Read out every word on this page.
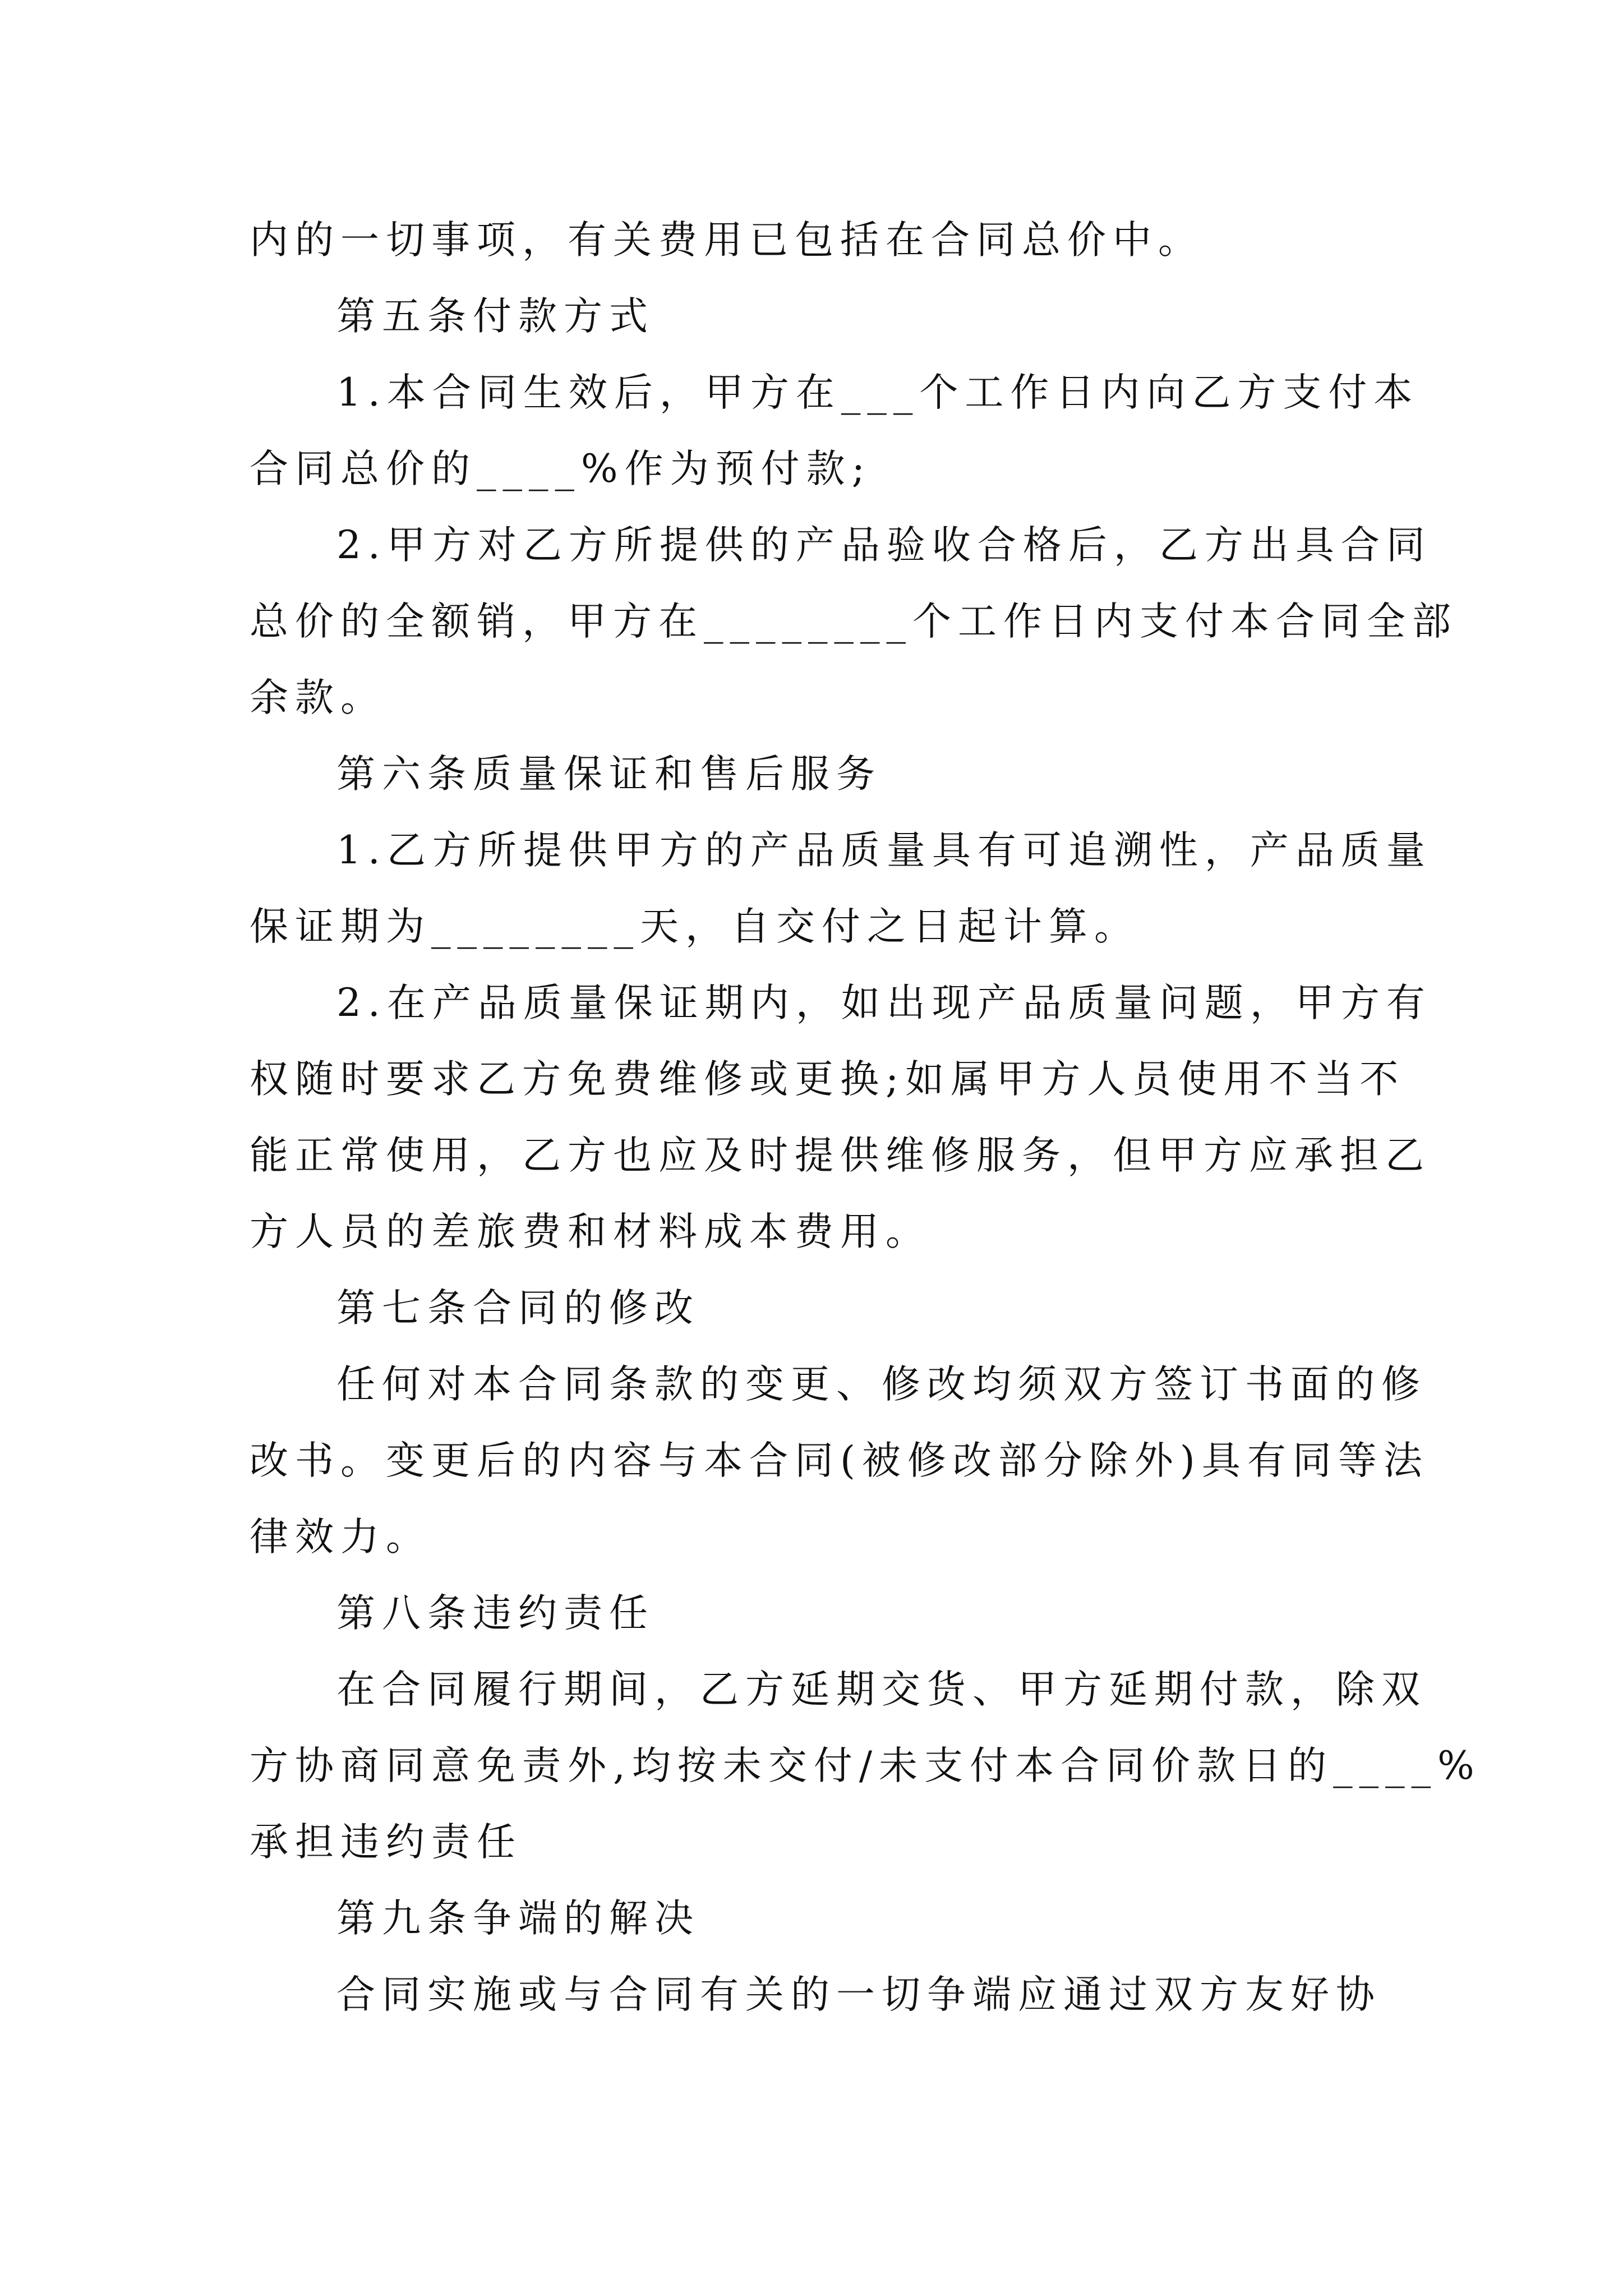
内的一切事项，有关费用已包括在合同总价中。
第五条付款方式
1.本合同生效后，甲方在___个工作日内向乙方支付本
合同总价的____%作为预付款;
2.甲方对乙方所提供的产品验收合格后，乙方出具合同
总价的全额销，甲方在________个工作日内支付本合同全部
余款。
第六条质量保证和售后服务
1.乙方所提供甲方的产品质量具有可追溯性，产品质量
保证期为________天，自交付之日起计算。
2.在产品质量保证期内，如出现产品质量问题，甲方有
权随时要求乙方免费维修或更换;如属甲方人员使用不当不
能正常使用，乙方也应及时提供维修服务，但甲方应承担乙
方人员的差旅费和材料成本费用。
第七条合同的修改
任何对本合同条款的变更、修改均须双方签订书面的修
改书。变更后的内容与本合同(被修改部分除外)具有同等法
律效力。
第八条违约责任
在合同履行期间，乙方延期交货、甲方延期付款，除双
方协商同意免责外,均按未交付/未支付本合同价款日的____%
承担违约责任
第九条争端的解决
合同实施或与合同有关的一切争端应通过双方友好协
